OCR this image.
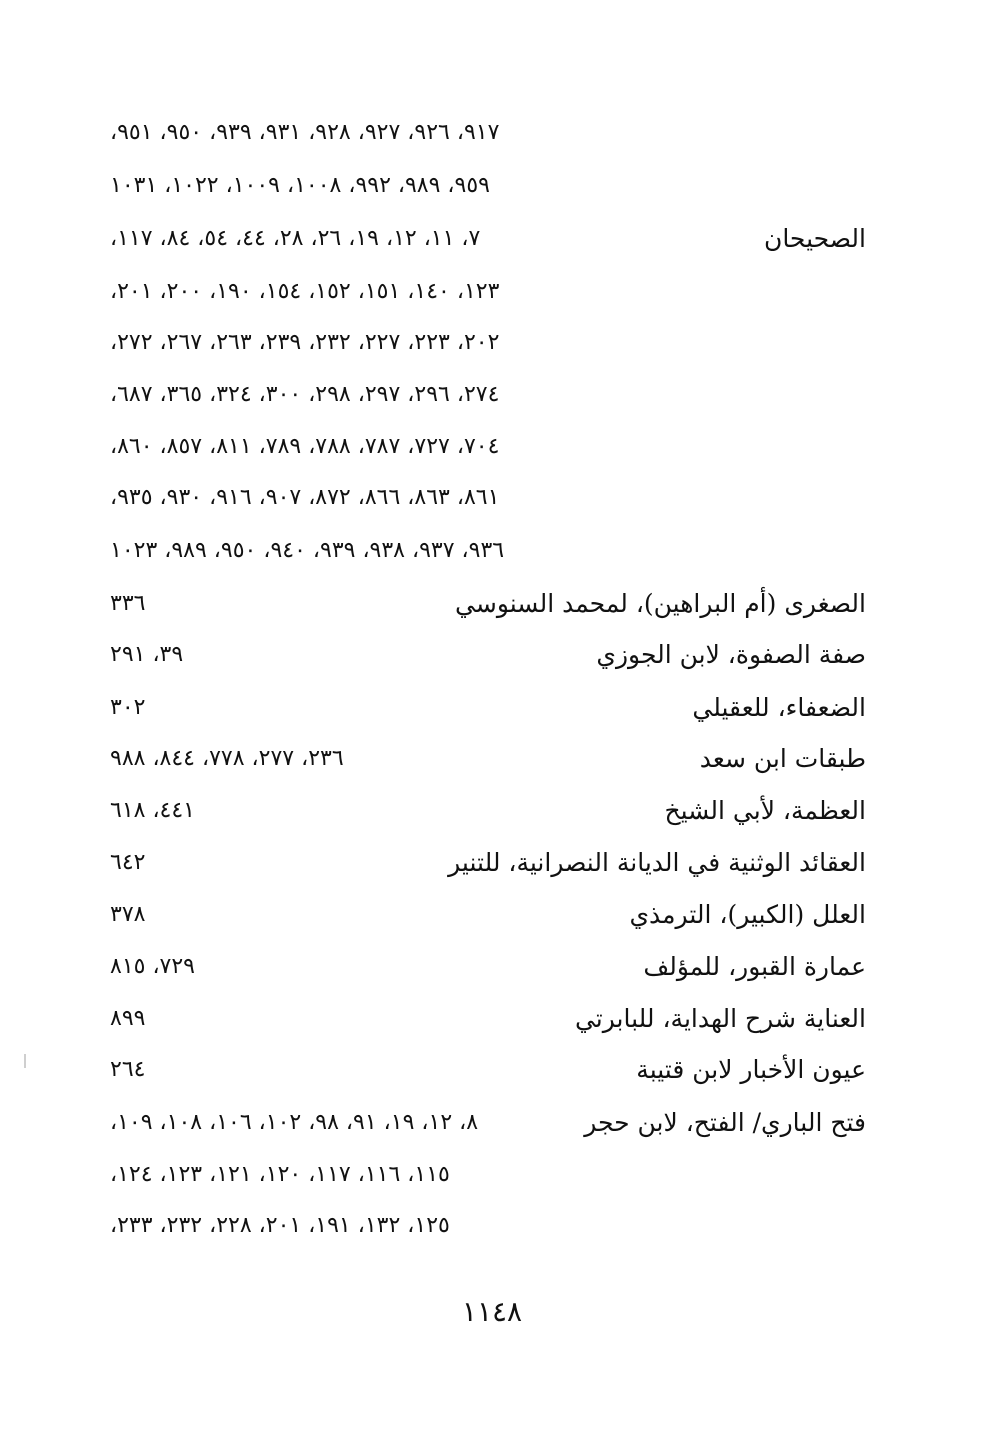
٩١٧، ٩٢٦، ٩٢٧، ٩٢٨، ٩٣١، ٩٣٩، ٩٥٠، ٩٥١،
٩٥٩، ٩٨٩، ٩٩٢، ١٠٠٨، ١٠٠٩، ١٠٢٢، ١٠٣١
الصحيحان
٧، ١١، ١٢، ١٩، ٢٦، ٢٨، ٤٤، ٥٤، ٨٤، ١١٧،
١٢٣، ١٤٠، ١٥١، ١٥٢، ١٥٤، ١٩٠، ٢٠٠، ٢٠١،
٢٠٢، ٢٢٣، ٢٢٧، ٢٣٢، ٢٣٩، ٢٦٣، ٢٦٧، ٢٧٢،
٢٧٤، ٢٩٦، ٢٩٧، ٢٩٨، ٣٠٠، ٣٢٤، ٣٦٥، ٦٨٧،
٧٠٤، ٧٢٧، ٧٨٧، ٧٨٨، ٧٨٩، ٨١١، ٨٥٧، ٨٦٠،
٨٦١، ٨٦٣، ٨٦٦، ٨٧٢، ٩٠٧، ٩١٦، ٩٣٠، ٩٣٥،
٩٣٦، ٩٣٧، ٩٣٨، ٩٣٩، ٩٤٠، ٩٥٠، ٩٨٩، ١٠٢٣
الصغرى (أم البراهين)، لمحمد السنوسي
٣٣٦
صفة الصفوة، لابن الجوزي
٣٩، ٢٩١
الضعفاء، للعقيلي
٣٠٢
طبقات ابن سعد
٢٣٦، ٢٧٧، ٧٧٨، ٨٤٤، ٩٨٨
العظمة، لأبي الشيخ
٤٤١، ٦١٨
العقائد الوثنية في الديانة النصرانية، للتنير
٦٤٢
العلل (الكبير)، الترمذي
٣٧٨
عمارة القبور، للمؤلف
٧٢٩، ٨١٥
العناية شرح الهداية، للبابرتي
٨٩٩
عيون الأخبار لابن قتيبة
٢٦٤
فتح الباري/ الفتح، لابن حجر
٨، ١٢، ١٩، ٩١، ٩٨، ١٠٢، ١٠٦، ١٠٨، ١٠٩،
١١٥، ١١٦، ١١٧، ١٢٠، ١٢١، ١٢٣، ١٢٤،
١٢٥، ١٣٢، ١٩١، ٢٠١، ٢٢٨، ٢٣٢، ٢٣٣،
١١٤٨
